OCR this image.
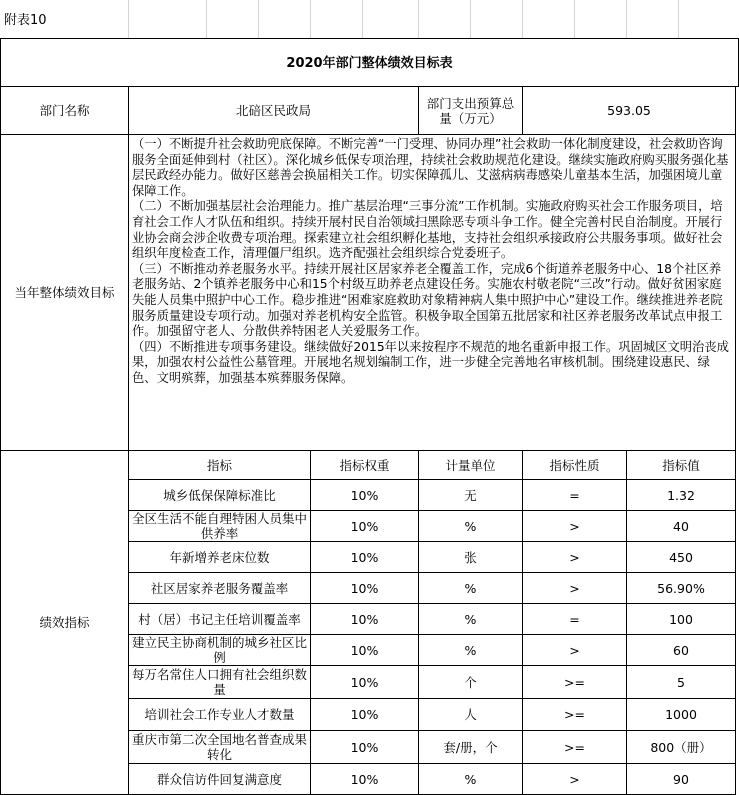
附表10
2020年部门整体绩效目标表
部门名称	北碚区民政局	部门支出预算总量（万元）	593.05
当年整体绩效目标

（一）不断提升社会救助兜底保障。不断完善“一门受理、协同办理”社会救助一体化制度建设，社会救助咨询服务全面延伸到村（社区）。深化城乡低保专项治理，持续社会救助规范化建设。继续实施政府购买服务强化基层民政经办能力。做好区慈善会换届相关工作。切实保障孤儿、艾滋病病毒感染儿童基本生活，加强困境儿童保障工作。

（二）不断加强基层社会治理能力。推广基层治理“三事分流”工作机制。实施政府购买社会工作服务项目，培育社会工作人才队伍和组织。持续开展村民自治领域扫黑除恶专项斗争工作。健全完善村民自治制度。开展行业协会商会涉企收费专项治理。探索建立社会组织孵化基地，支持社会组织承接政府公共服务事项。做好社会组织年度检查工作，清理僵尸组织。选齐配强社会组织综合党委班子。

（三）不断推动养老服务水平。持续开展社区居家养老全覆盖工作，完成6个街道养老服务中心、18个社区养老服务站、2个镇养老服务中心和15个村级互助养老点建设任务。实施农村敬老院“三改”行动。做好贫困家庭失能人员集中照护中心工作。稳步推进“困难家庭救助对象精神病人集中照护中心”建设工作。继续推进养老院服务质量建设专项行动。加强对养老机构安全监管。积极争取全国第五批居家和社区养老服务改革试点申报工作。加强留守老人、分散供养特困老人关爱服务工作。

（四）不断推进专项事务建设。继续做好2015年以来按程序不规范的地名重新申报工作。巩固城区文明治丧成果，加强农村公益性公墓管理。开展地名规划编制工作，进一步健全完善地名审核机制。围绕建设惠民、绿色、文明殡葬，加强基本殡葬服务保障。

绩效指标
指标	指标权重	计量单位	指标性质	指标值
城乡低保保障标准比	10%	无	=	1.32
全区生活不能自理特困人员集中供养率	10%	%	>	40
年新增养老床位数	10%	张	>	450
社区居家养老服务覆盖率	10%	%	>	56.90%
村（居）书记主任培训覆盖率	10%	%	=	100
建立民主协商机制的城乡社区比例	10%	%	>	60
每万名常住人口拥有社会组织数量	10%	个	>=	5
培训社会工作专业人才数量	10%	人	>=	1000
重庆市第二次全国地名普查成果转化	10%	套/册，个	>=	800（册）
群众信访件回复满意度	10%	%	>	90
